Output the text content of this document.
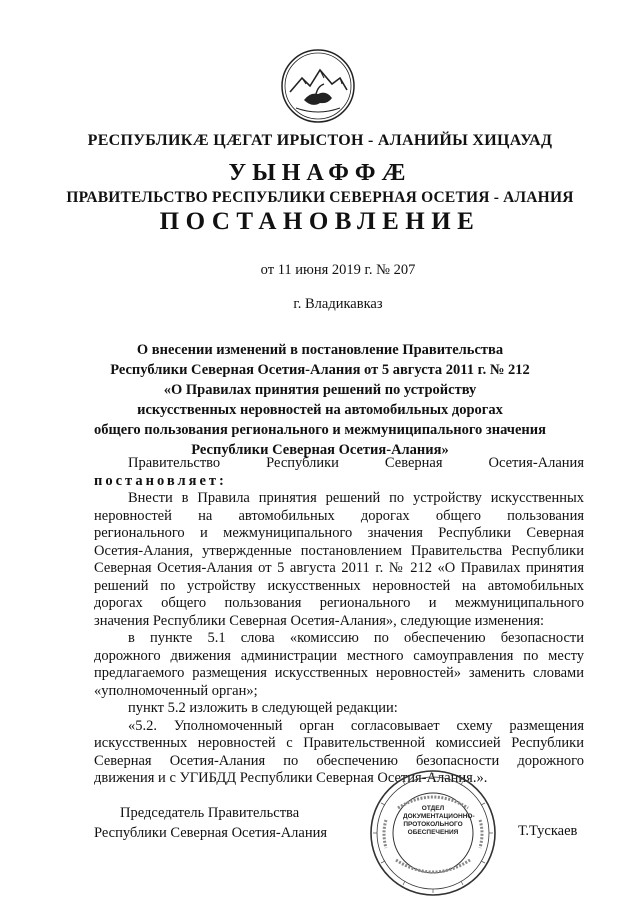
РЕСПУБЛИКÆ ЦÆГАТ ИРЫСТОН - АЛАНИЙЫ ХИЦАУАД
УЫНАФФÆ
ПРАВИТЕЛЬСТВО РЕСПУБЛИКИ СЕВЕРНАЯ ОСЕТИЯ - АЛАНИЯ
ПОСТАНОВЛЕНИЕ
от 11 июня 2019 г. № 207
г. Владикавказ
О внесении изменений в постановление Правительства
Республики Северная Осетия-Алания от 5 августа 2011 г. № 212
«О Правилах принятия решений по устройству
искусственных неровностей на автомобильных дорогах
общего пользования регионального и межмуниципального значения
Республики Северная Осетия-Алания»
Правительство Республики Северная Осетия-Алания
постановляет:
Внести в Правила принятия решений по устройству искусственных
неровностей на автомобильных дорогах общего пользования
регионального и межмуниципального значения Республики Северная
Осетия-Алания, утвержденные постановлением Правительства Республики
Северная Осетия-Алания от 5 августа 2011 г. № 212 «О Правилах принятия
решений по устройству искусственных неровностей на автомобильных
дорогах общего пользования регионального и межмуниципального
значения Республики Северная Осетия-Алания», следующие изменения:
в пункте 5.1 слова «комиссию по обеспечению безопасности
дорожного движения администрации местного самоуправления по месту
предлагаемого размещения искусственных неровностей» заменить словами
«уполномоченный орган»;
пункт 5.2 изложить в следующей редакции:
«5.2. Уполномоченный орган согласовывает схему размещения
искусственных неровностей с Правительственной комиссией Республики
Северная Осетия-Алания по обеспечению безопасности дорожного
движения и с УГИБДД Республики Северная Осетия-Алания.».
ОТДЕЛ
ДОКУМЕНТАЦИОННО-
ПРОТОКОЛЬНОГО
ОБЕСПЕЧЕНИЯ
Председатель Правительства
Республики Северная Осетия-Алания	Т.Тускаев
